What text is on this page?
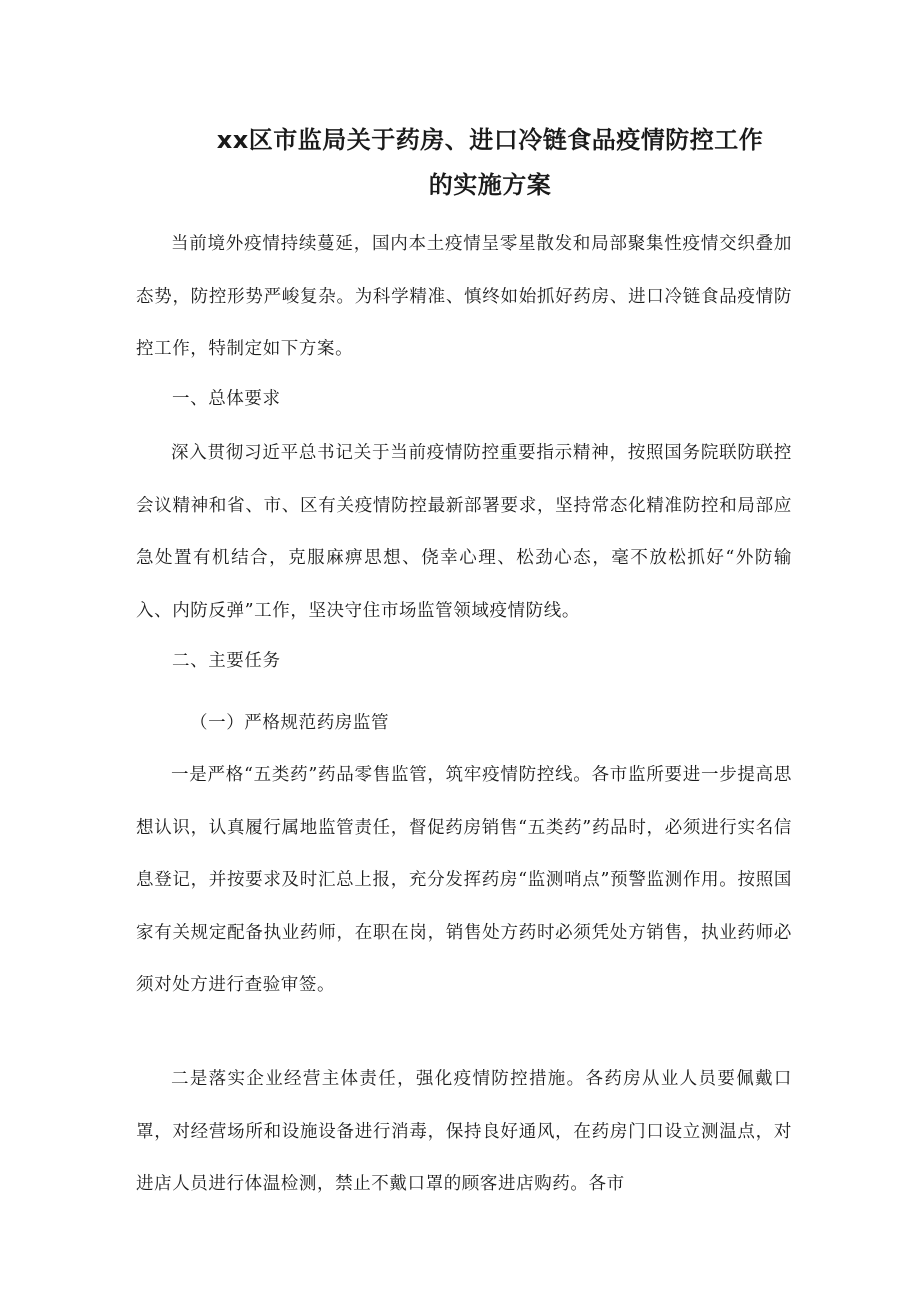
xx区市监局关于药房、进口冷链食品疫情防控工作
的实施方案

当前境外疫情持续蔓延，国内本土疫情呈零星散发和局部聚集性疫情交织叠加态势，防控形势严峻复杂。为科学精准、慎终如始抓好药房、进口冷链食品疫情防控工作，特制定如下方案。

一、总体要求

深入贯彻习近平总书记关于当前疫情防控重要指示精神，按照国务院联防联控会议精神和省、市、区有关疫情防控最新部署要求，坚持常态化精准防控和局部应急处置有机结合，克服麻痹思想、侥幸心理、松劲心态，毫不放松抓好“外防输入、内防反弹”工作，坚决守住市场监管领域疫情防线。

二、主要任务

（一）严格规范药房监管

一是严格“五类药”药品零售监管，筑牢疫情防控线。各市监所要进一步提高思想认识，认真履行属地监管责任，督促药房销售“五类药”药品时，必须进行实名信息登记，并按要求及时汇总上报，充分发挥药房“监测哨点”预警监测作用。按照国家有关规定配备执业药师，在职在岗，销售处方药时必须凭处方销售，执业药师必须对处方进行查验审签。

二是落实企业经营主体责任，强化疫情防控措施。各药房从业人员要佩戴口罩，对经营场所和设施设备进行消毒，保持良好通风，在药房门口设立测温点，对进店人员进行体温检测，禁止不戴口罩的顾客进店购药。各市
